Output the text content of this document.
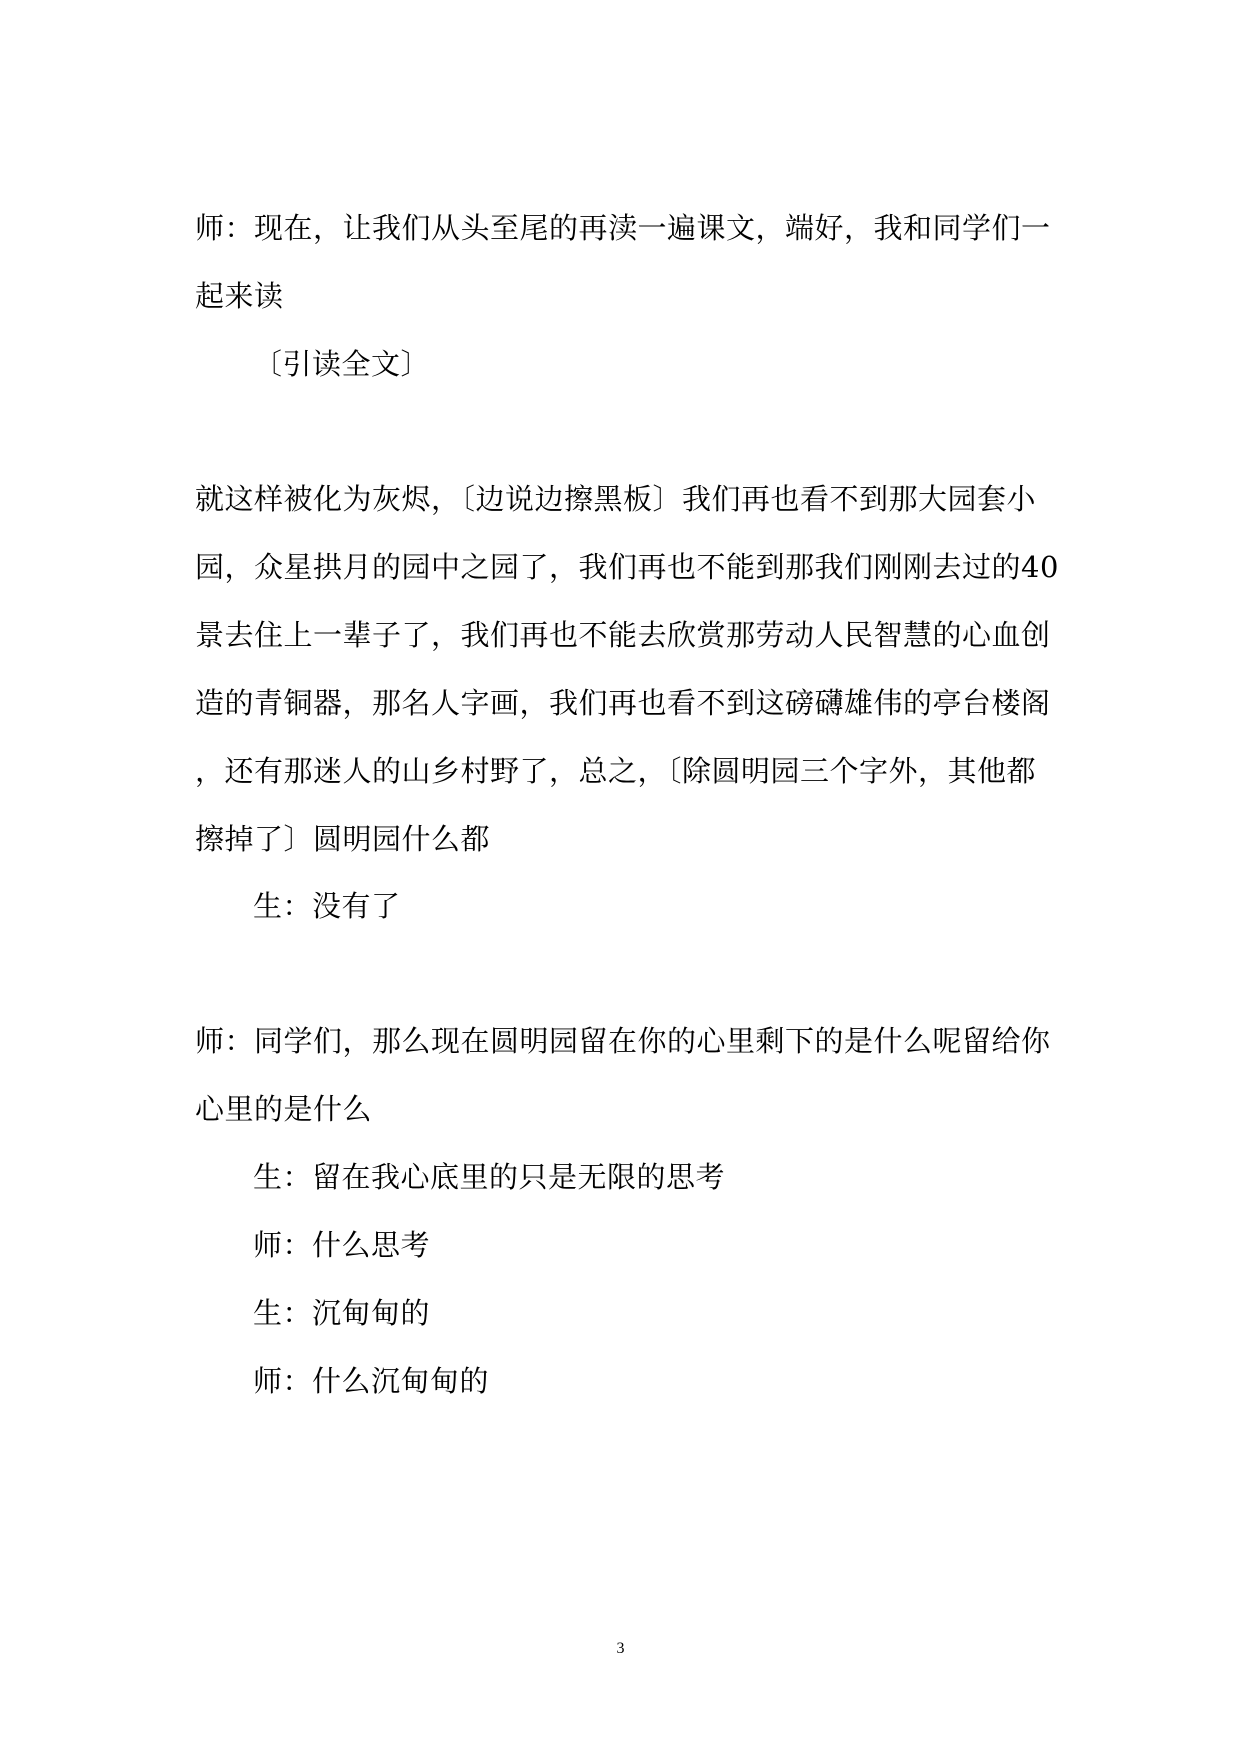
师：现在，让我们从头至尾的再渎一遍课文，端好，我和同学们一
起来读
〔引读全文〕
就这样被化为灰烬，〔边说边擦黑板〕我们再也看不到那大园套小
园，众星拱月的园中之园了，我们再也不能到那我们刚刚去过的40
景去住上一辈子了，我们再也不能去欣赏那劳动人民智慧的心血创
造的青铜器，那名人字画，我们再也看不到这磅礴雄伟的亭台楼阁
，还有那迷人的山乡村野了，总之，〔除圆明园三个字外，其他都
擦掉了〕圆明园什么都
生：没有了
师：同学们，那么现在圆明园留在你的心里剩下的是什么呢留给你
心里的是什么
生：留在我心底里的只是无限的思考
师：什么思考
生：沉甸甸的
师：什么沉甸甸的
3
